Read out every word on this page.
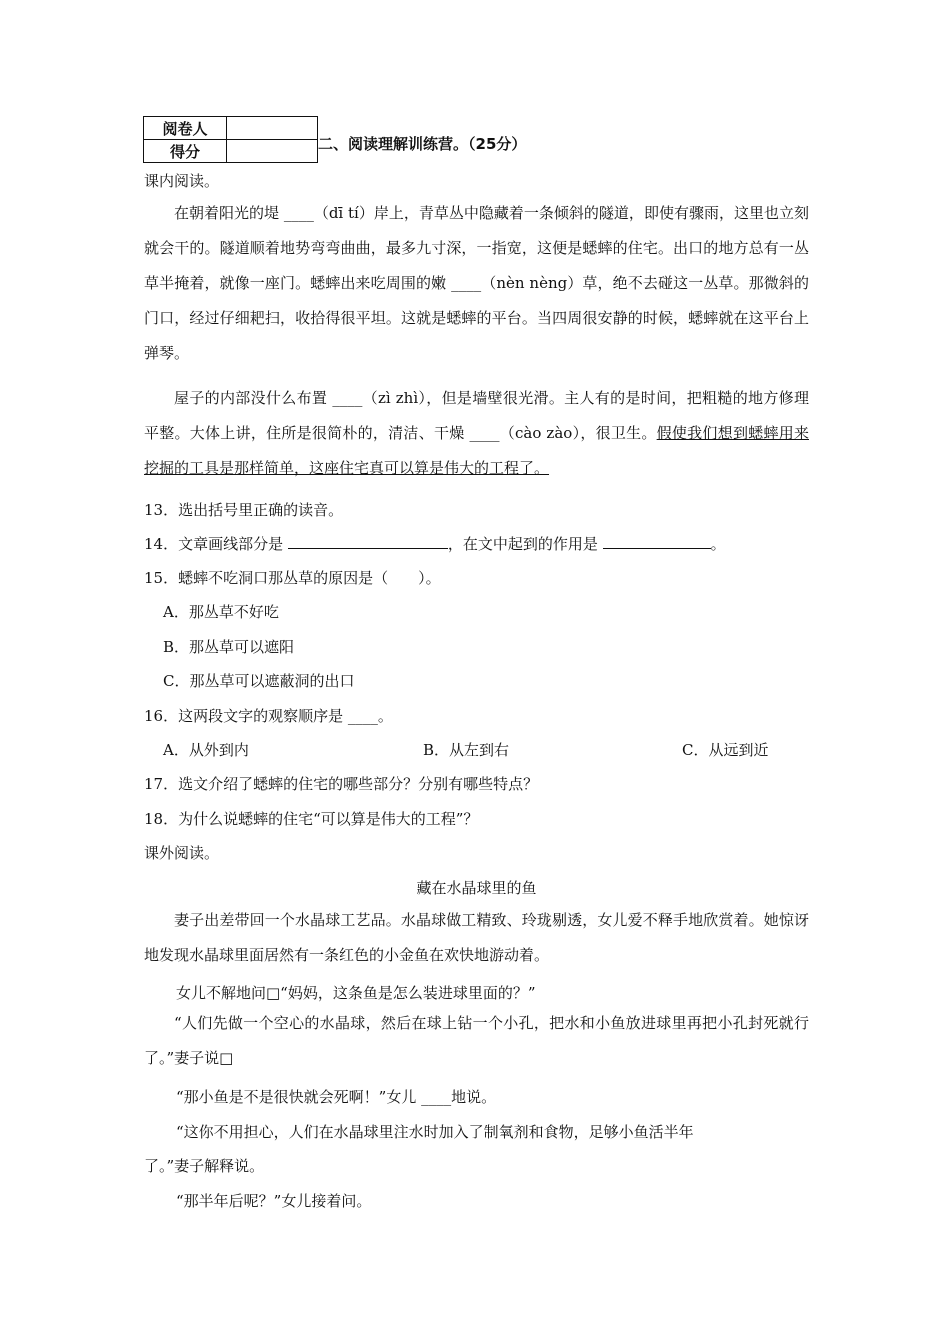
阅卷人	
得分		二、阅读理解训练营。（25分）
课内阅读。
在朝着阳光的堤 ____（dī tí）岸上，青草丛中隐藏着一条倾斜的隧道，即使有骤雨，这里也立刻就会干的。隧道顺着地势弯弯曲曲，最多九寸深，一指宽，这便是蟋蟀的住宅。出口的地方总有一丛草半掩着，就像一座门。蟋蟀出来吃周围的嫩 ____（nèn nèng）草，绝不去碰这一丛草。那微斜的门口，经过仔细耙扫，收拾得很平坦。这就是蟋蟀的平台。当四周很安静的时候，蟋蟀就在这平台上弹琴。
屋子的内部没什么布置 ____（zì zhì），但是墙壁很光滑。主人有的是时间，把粗糙的地方修理平整。大体上讲，住所是很简朴的，清洁、干燥 ____（cào zào），很卫生。假使我们想到蟋蟀用来挖掘的工具是那样简单，这座住宅真可以算是伟大的工程了。
13．选出括号里正确的读音。
14．文章画线部分是	，在文中起到的作用是	。
15．蟋蟀不吃洞口那丛草的原因是（　　）。
A．那丛草不好吃
B．那丛草可以遮阳
C．那丛草可以遮蔽洞的出口
16．这两段文字的观察顺序是 ____。
A．从外到内	B．从左到右	C．从远到近
17．选文介绍了蟋蟀的住宅的哪些部分？分别有哪些特点？
18．为什么说蟋蟀的住宅“可以算是伟大的工程”？
课外阅读。
藏在水晶球里的鱼
妻子出差带回一个水晶球工艺品。水晶球做工精致、玲珑剔透，女儿爱不释手地欣赏着。她惊讶地发现水晶球里面居然有一条红色的小金鱼在欢快地游动着。
女儿不解地问□“妈妈，这条鱼是怎么装进球里面的？”
“人们先做一个空心的水晶球，然后在球上钻一个小孔，把水和小鱼放进球里再把小孔封死就行了。”妻子说□
“那小鱼是不是很快就会死啊！”女儿 ____地说。
“这你不用担心，人们在水晶球里注水时加入了制氧剂和食物，足够小鱼活半年
了。”妻子解释说。
“那半年后呢？”女儿接着问。
